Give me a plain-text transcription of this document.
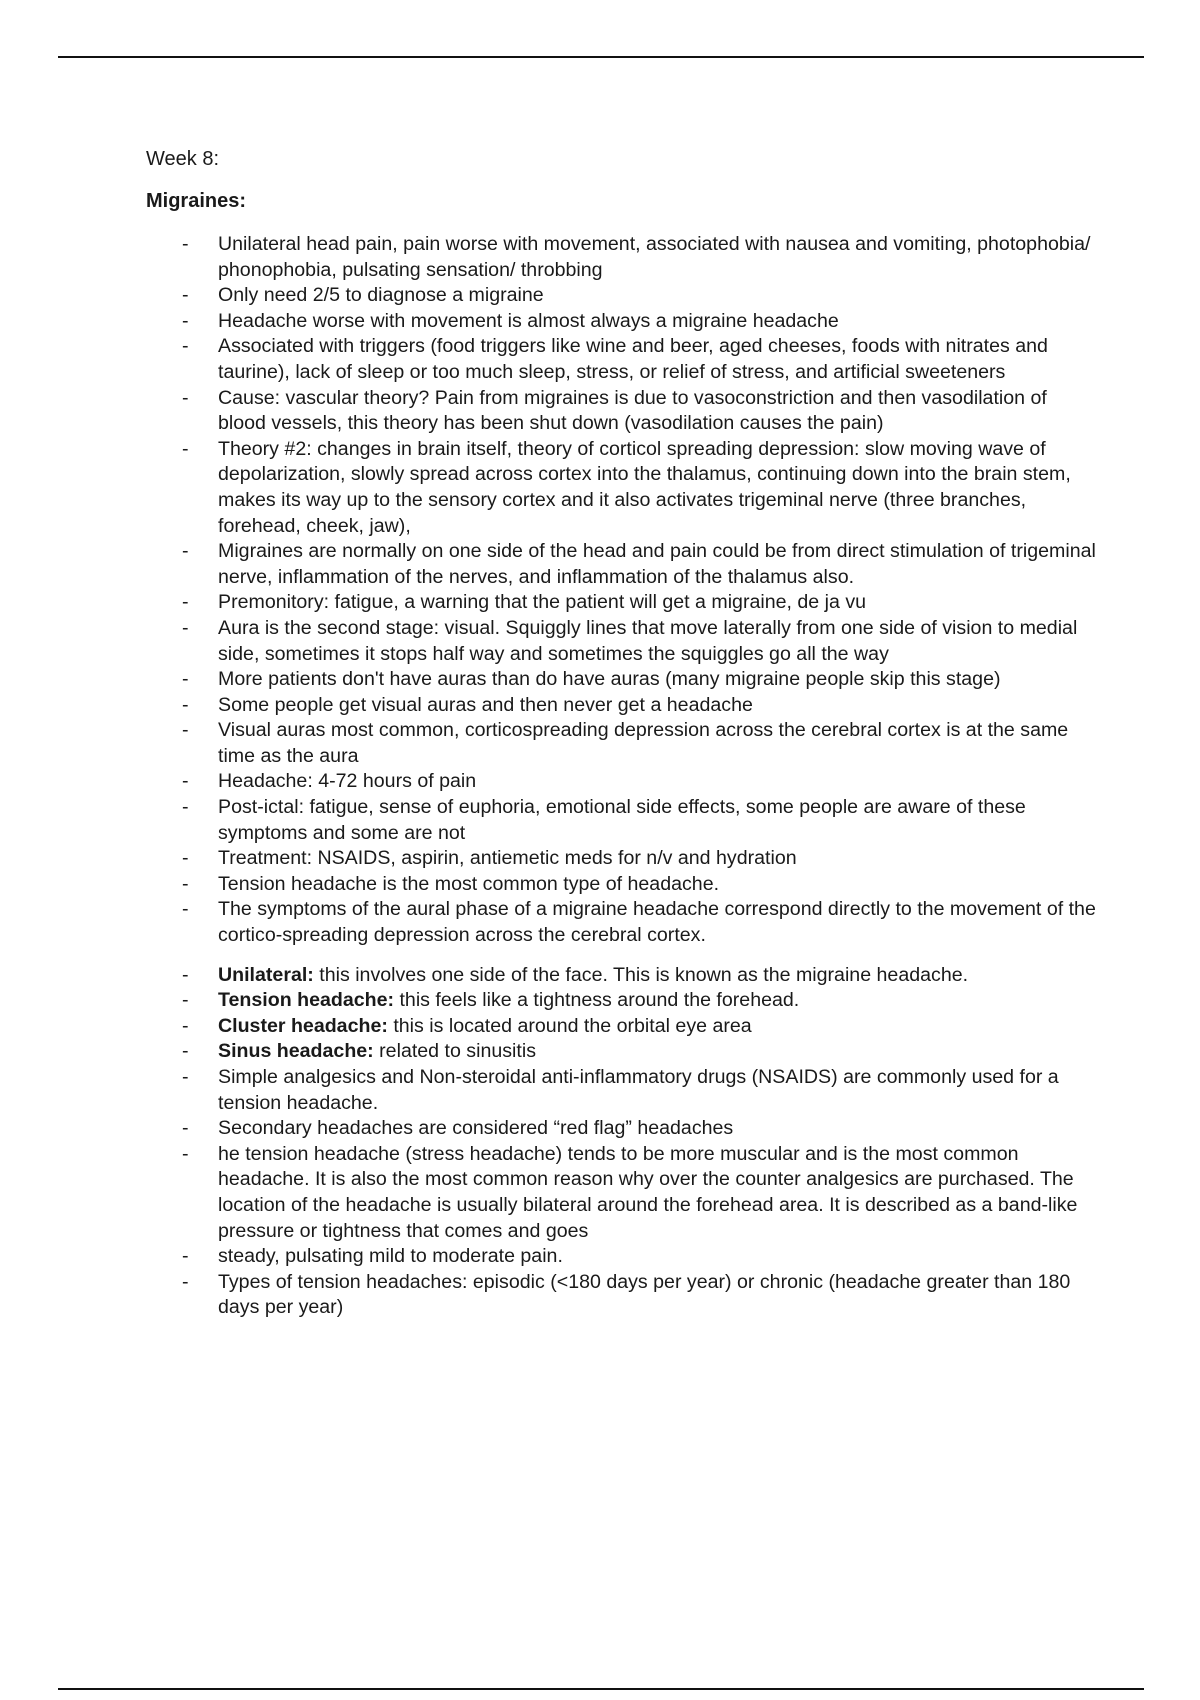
Week 8:

Migraines:

- Unilateral head pain, pain worse with movement, associated with nausea and vomiting, photophobia/ phonophobia, pulsating sensation/ throbbing
- Only need 2/5 to diagnose a migraine
- Headache worse with movement is almost always a migraine headache
- Associated with triggers (food triggers like wine and beer, aged cheeses, foods with nitrates and taurine), lack of sleep or too much sleep, stress, or relief of stress, and artificial sweeteners
- Cause: vascular theory? Pain from migraines is due to vasoconstriction and then vasodilation of blood vessels, this theory has been shut down (vasodilation causes the pain)
- Theory #2: changes in brain itself, theory of corticol spreading depression: slow moving wave of depolarization, slowly spread across cortex into the thalamus, continuing down into the brain stem, makes its way up to the sensory cortex and it also activates trigeminal nerve (three branches, forehead, cheek, jaw),
- Migraines are normally on one side of the head and pain could be from direct stimulation of trigeminal nerve, inflammation of the nerves, and inflammation of the thalamus also.
- Premonitory: fatigue, a warning that the patient will get a migraine, de ja vu
- Aura is the second stage: visual. Squiggly lines that move laterally from one side of vision to medial side, sometimes it stops half way and sometimes the squiggles go all the way
- More patients don't have auras than do have auras (many migraine people skip this stage)
- Some people get visual auras and then never get a headache
- Visual auras most common, corticospreading depression across the cerebral cortex is at the same time as the aura
- Headache: 4-72 hours of pain
- Post-ictal: fatigue, sense of euphoria, emotional side effects, some people are aware of these symptoms and some are not
- Treatment: NSAIDS, aspirin, antiemetic meds for n/v and hydration
- Tension headache is the most common type of headache.
- The symptoms of the aural phase of a migraine headache correspond directly to the movement of the cortico-spreading depression across the cerebral cortex.
- Unilateral: this involves one side of the face. This is known as the migraine headache.
- Tension headache: this feels like a tightness around the forehead.
- Cluster headache: this is located around the orbital eye area
- Sinus headache: related to sinusitis
- Simple analgesics and Non-steroidal anti-inflammatory drugs (NSAIDS) are commonly used for a tension headache.
- Secondary headaches are considered “red flag” headaches
- he tension headache (stress headache) tends to be more muscular and is the most common headache. It is also the most common reason why over the counter analgesics are purchased. The location of the headache is usually bilateral around the forehead area. It is described as a band-like pressure or tightness that comes and goes
- steady, pulsating mild to moderate pain.
- Types of tension headaches: episodic (<180 days per year) or chronic (headache greater than 180 days per year)
